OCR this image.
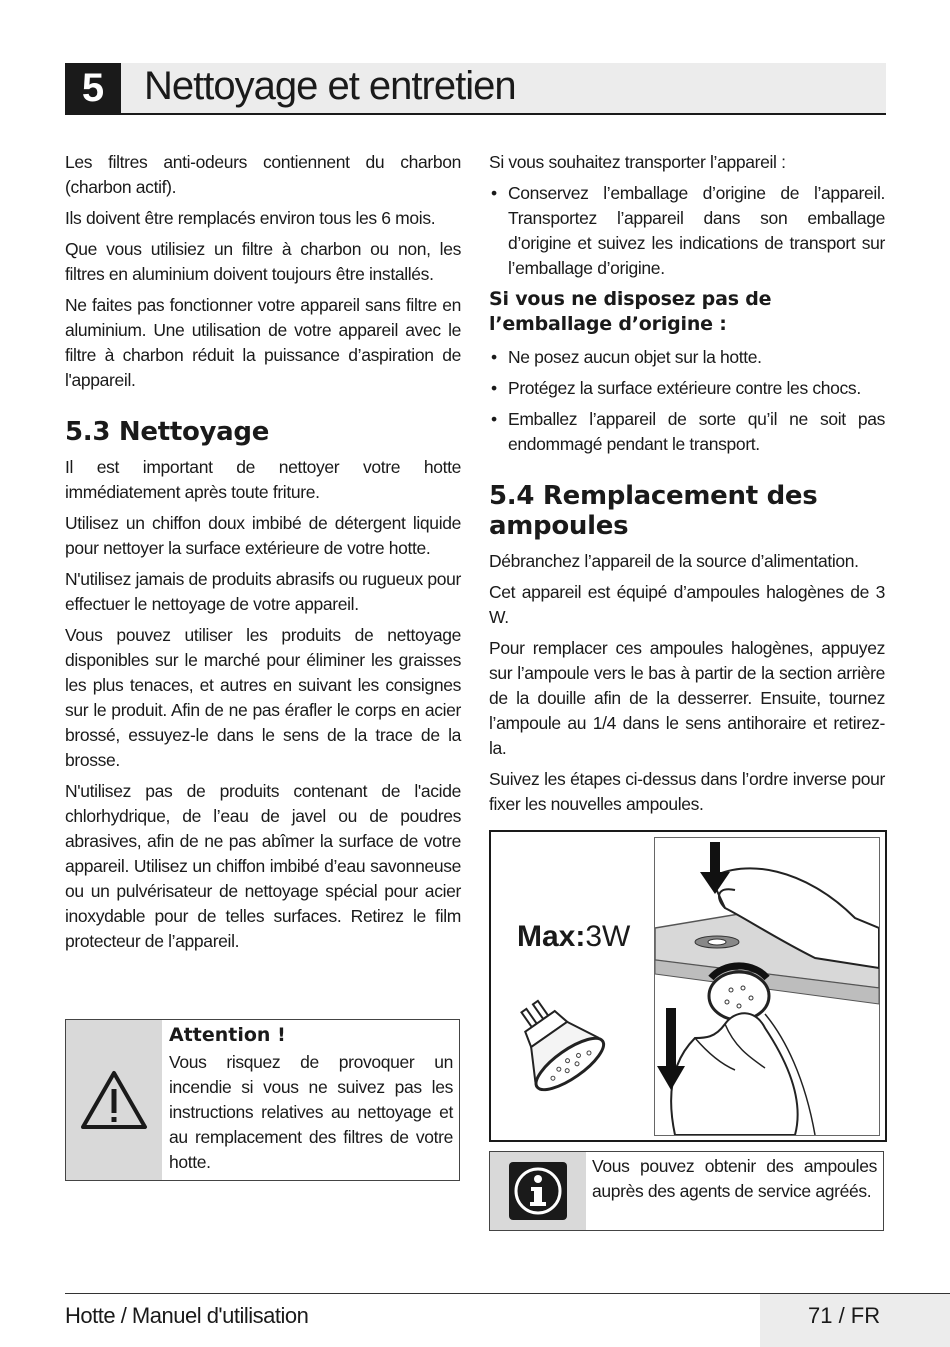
5 Nettoyage et entretien

Les filtres anti-odeurs contiennent du charbon (charbon actif).

Ils doivent être remplacés environ tous les 6 mois.

Que vous utilisiez un filtre à charbon ou non, les filtres en aluminium doivent toujours être installés.

Ne faites pas fonctionner votre appareil sans filtre en aluminium. Une utilisation de votre appareil avec le filtre à charbon réduit la puissance d’aspiration de l'appareil.

5.3 Nettoyage

Il est important de nettoyer votre hotte immédiatement après toute friture.

Utilisez un chiffon doux imbibé de détergent liquide pour nettoyer la surface extérieure de votre hotte.

N'utilisez jamais de produits abrasifs ou rugueux pour effectuer le nettoyage de votre appareil.

Vous pouvez utiliser les produits de nettoyage disponibles sur le marché pour éliminer les graisses les plus tenaces, et autres en suivant les consignes sur le produit. Afin de ne pas érafler le corps en acier brossé, essuyez-le dans le sens de la trace de la brosse.

N'utilisez pas de produits contenant de l'acide chlorhydrique, de l’eau de javel ou de poudres abrasives, afin de ne pas abîmer la surface de votre appareil. Utilisez un chiffon imbibé d’eau savonneuse ou un pulvérisateur de nettoyage spécial pour acier inoxydable pour de telles surfaces. Retirez le film protecteur de l’appareil.

Attention !

Vous risquez de provoquer un incendie si vous ne suivez pas les instructions relatives au nettoyage et au remplacement des filtres de votre hotte.

Si vous souhaitez transporter l’appareil :

• Conservez l’emballage d’origine de l’appareil. Transportez l’appareil dans son emballage d’origine et suivez les indications de transport sur l’emballage d’origine.
Si vous ne disposez pas de l’emballage d’origine :
• Ne posez aucun objet sur la hotte.
• Protégez la surface extérieure contre les chocs.
• Emballez l’appareil de sorte qu’il ne soit pas endommagé pendant le transport.
5.4 Remplacement des ampoules

Débranchez l’appareil de la source d’alimentation.

Cet appareil est équipé d’ampoules halogènes de 3 W.

Pour remplacer ces ampoules halogènes, appuyez sur l’ampoule vers le bas à partir de la section arrière de la douille afin de la desserrer. Ensuite, tournez l’ampoule au 1/4 dans le sens antihoraire et retirez-la.

Suivez les étapes ci-dessus dans l’ordre inverse pour fixer les nouvelles ampoules.

Max:3W

Vous pouvez obtenir des ampoules auprès des agents de service agréés.

Hotte / Manuel d'utilisation	71 / FR
